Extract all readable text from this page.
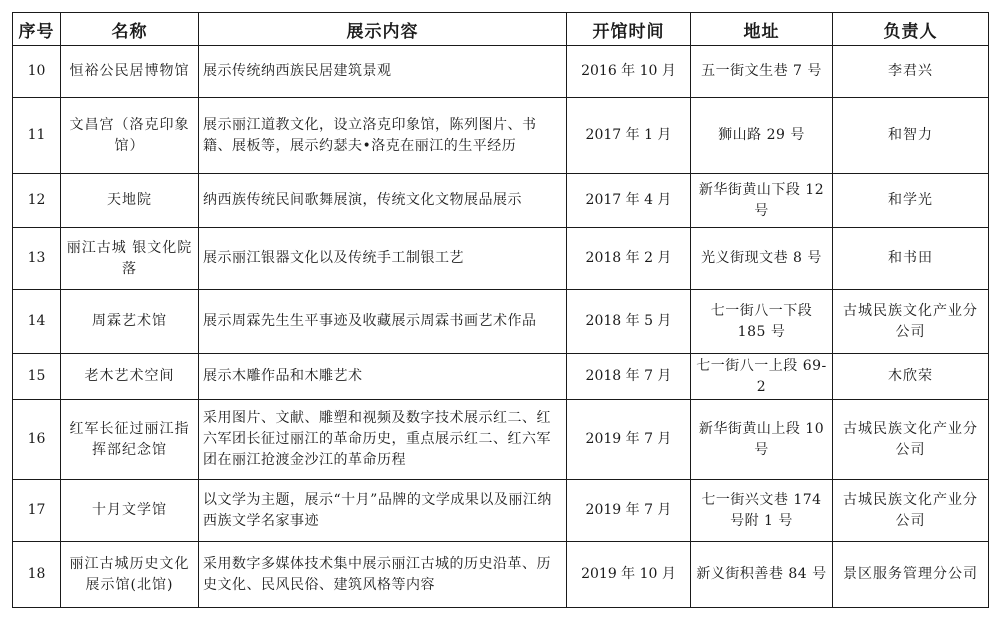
序号	名称	展示内容	开馆时间	地址	负责人
10	恒裕公民居博物馆	展示传统纳西族民居建筑景观	2016 年 10 月	五一街文生巷 7 号	李君兴
11	文昌宫（洛克印象馆）	展示丽江道教文化，设立洛克印象馆，陈列图片、书籍、展板等，展示约瑟夫•洛克在丽江的生平经历	2017 年 1 月	狮山路 29 号	和智力
12	天地院	纳西族传统民间歌舞展演，传统文化文物展品展示	2017 年 4 月	新华街黄山下段 12 号	和学光
13	丽江古城 银文化院落	展示丽江银器文化以及传统手工制银工艺	2018 年 2 月	光义街现文巷 8 号	和书田
14	周霖艺术馆	展示周霖先生生平事迹及收藏展示周霖书画艺术作品	2018 年 5 月	七一街八一下段 185 号	古城民族文化产业分公司
15	老木艺术空间	展示木雕作品和木雕艺术	2018 年 7 月	七一街八一上段 69-2	木欣荣
16	红军长征过丽江指挥部纪念馆	采用图片、文献、雕塑和视频及数字技术展示红二、红六军团长征过丽江的革命历史，重点展示红二、红六军团在丽江抢渡金沙江的革命历程	2019 年 7 月	新华街黄山上段 10 号	古城民族文化产业分公司
17	十月文学馆	以文学为主题，展示“十月”品牌的文学成果以及丽江纳西族文学名家事迹	2019 年 7 月	七一街兴文巷 174 号附 1 号	古城民族文化产业分公司
18	丽江古城历史文化展示馆(北馆)	采用数字多媒体技术集中展示丽江古城的历史沿革、历史文化、民风民俗、建筑风格等内容	2019 年 10 月	新义街积善巷 84 号	景区服务管理分公司
